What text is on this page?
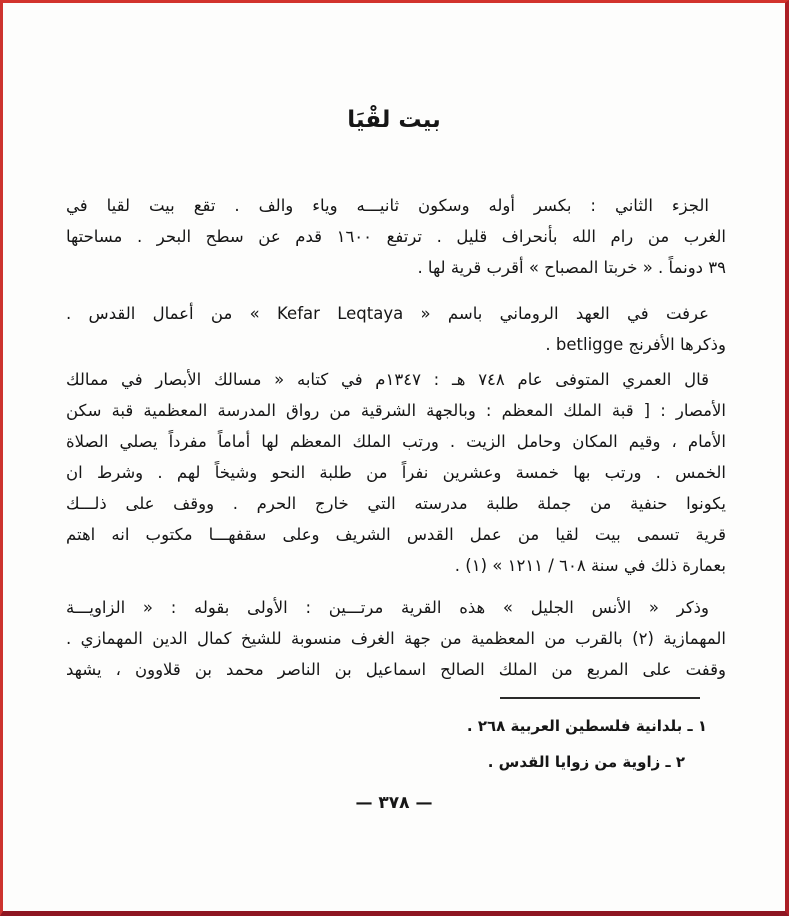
بيت لقْيَا
الجزء الثاني : بكسر أوله وسكون ثانيـــه وياء والف . تقع بيت لقيا في
الغرب من رام الله بأنحراف قليل . ترتفع ١٦٠٠ قدم عن سطح البحر . مساحتها
٣٩ دونماً . « خربتا المصباح » أقرب قرية لها .
عرفت في العهد الروماني باسم « Kefar Leqtaya » من أعمال القدس .
وذكرها الأفرنج betligge .
قال العمري المتوفى عام ٧٤٨ هـ : ١٣٤٧م في كتابه « مسالك الأبصار في ممالك
الأمصار : [ قبة الملك المعظم : وبالجهة الشرقية من رواق المدرسة المعظمية قبة سكن
الأمام ، وقيم المكان وحامل الزيت . ورتب الملك المعظم لها أماماً مفرداً يصلي الصلاة
الخمس . ورتب بها خمسة وعشرين نفراً من طلبة النحو وشيخاً لهم . وشرط ان
يكونوا حنفية من جملة طلبة مدرسته التي خارج الحرم . ووقف على ذلـــك
قرية تسمى بيت لقيا من عمل القدس الشريف وعلى سقفهـــا مكتوب انه اهتم
بعمارة ذلك في سنة ٦٠٨ / ١٢١١ » (١) .
وذكر « الأنس الجليل » هذه القرية مرتـــين : الأولى بقوله : « الزاويـــة
المهمازية (٢) بالقرب من المعظمية من جهة الغرف منسوبة للشيخ كمال الدين المهمازي .
وقفت على المربع من الملك الصالح اسماعيل بن الناصر محمد بن قلاوون ، يشهد
١ ـ بلدانية فلسطين العربية ٢٦٨ .
٢ ـ زاوية من زوايا القدس .
— ٣٧٨ —
